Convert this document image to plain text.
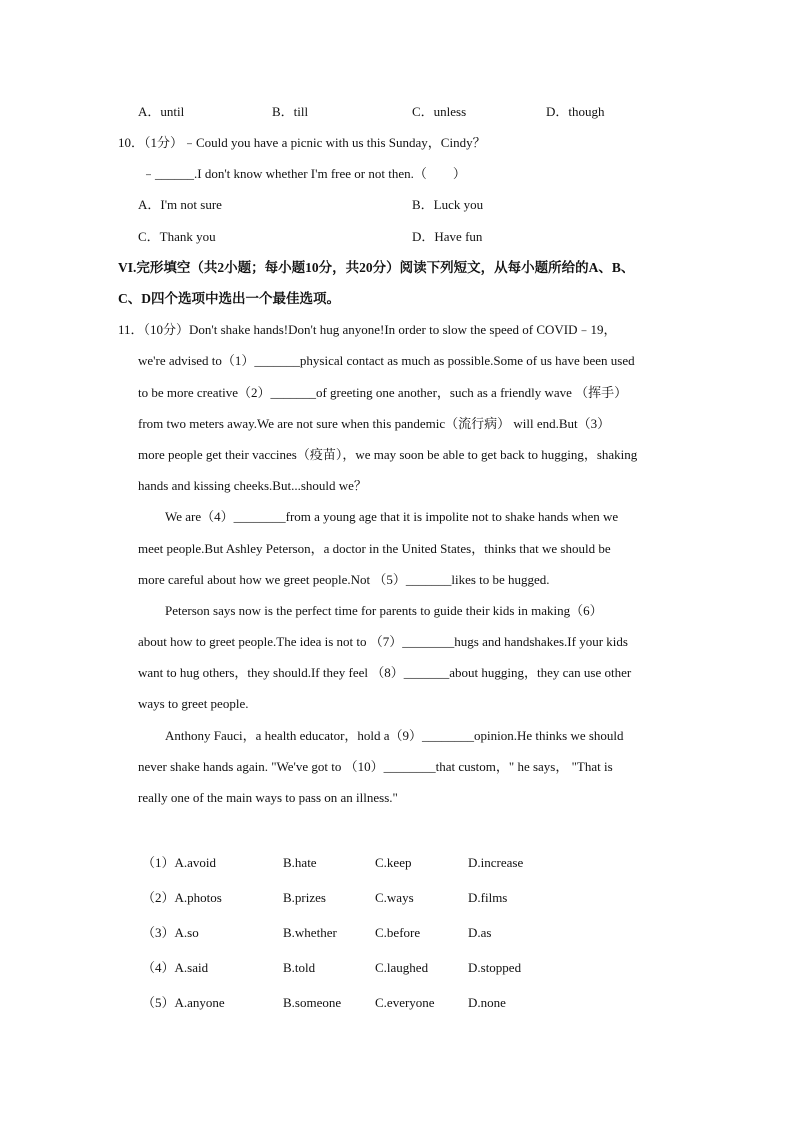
A．until	B．till	C．unless	D．though
10．（1分）﹣Could you have a picnic with us this Sunday，Cindy？
﹣______.I don't know whether I'm free or not then.（　　）
A．I'm not sure	B．Luck you
C．Thank you	D．Have fun
VI.完形填空（共2小题；每小题10分，共20分）阅读下列短文，从每小题所给的A、B、
C、D四个选项中选出一个最佳选项。
11．（10分）Don't shake hands!Don't hug anyone!In order to slow the speed of COVID﹣19，
we're advised to（1）_______physical contact as much as possible.Some of us have been used
to be more creative（2）_______of greeting one another，such as a friendly wave （挥手）
from two meters away.We are not sure when this pandemic（流行病） will end.But（3）
more people get their vaccines（疫苗），we may soon be able to get back to hugging，shaking
hands and kissing cheeks.But...should we？
We are（4）________from a young age that it is impolite not to shake hands when we
meet people.But Ashley Peterson，a doctor in the United States，thinks that we should be
more careful about how we greet people.Not （5）_______likes to be hugged.
Peterson says now is the perfect time for parents to guide their kids in making（6）
about how to greet people.The idea is not to （7）________hugs and handshakes.If your kids
want to hug others，they should.If they feel （8）_______about hugging，they can use other
ways to greet people.
Anthony Fauci，a health educator，hold a（9）________opinion.He thinks we should
never shake hands again. "We've got to （10）________that custom，" he says， "That is
really one of the main ways to pass on an illness."
（1）A.avoid	B.hate	C.keep	D.increase
（2）A.photos	B.prizes	C.ways	D.films
（3）A.so	B.whether	C.before	D.as
（4）A.said	B.told	C.laughed	D.stopped
（5）A.anyone	B.someone	C.everyone	D.none
